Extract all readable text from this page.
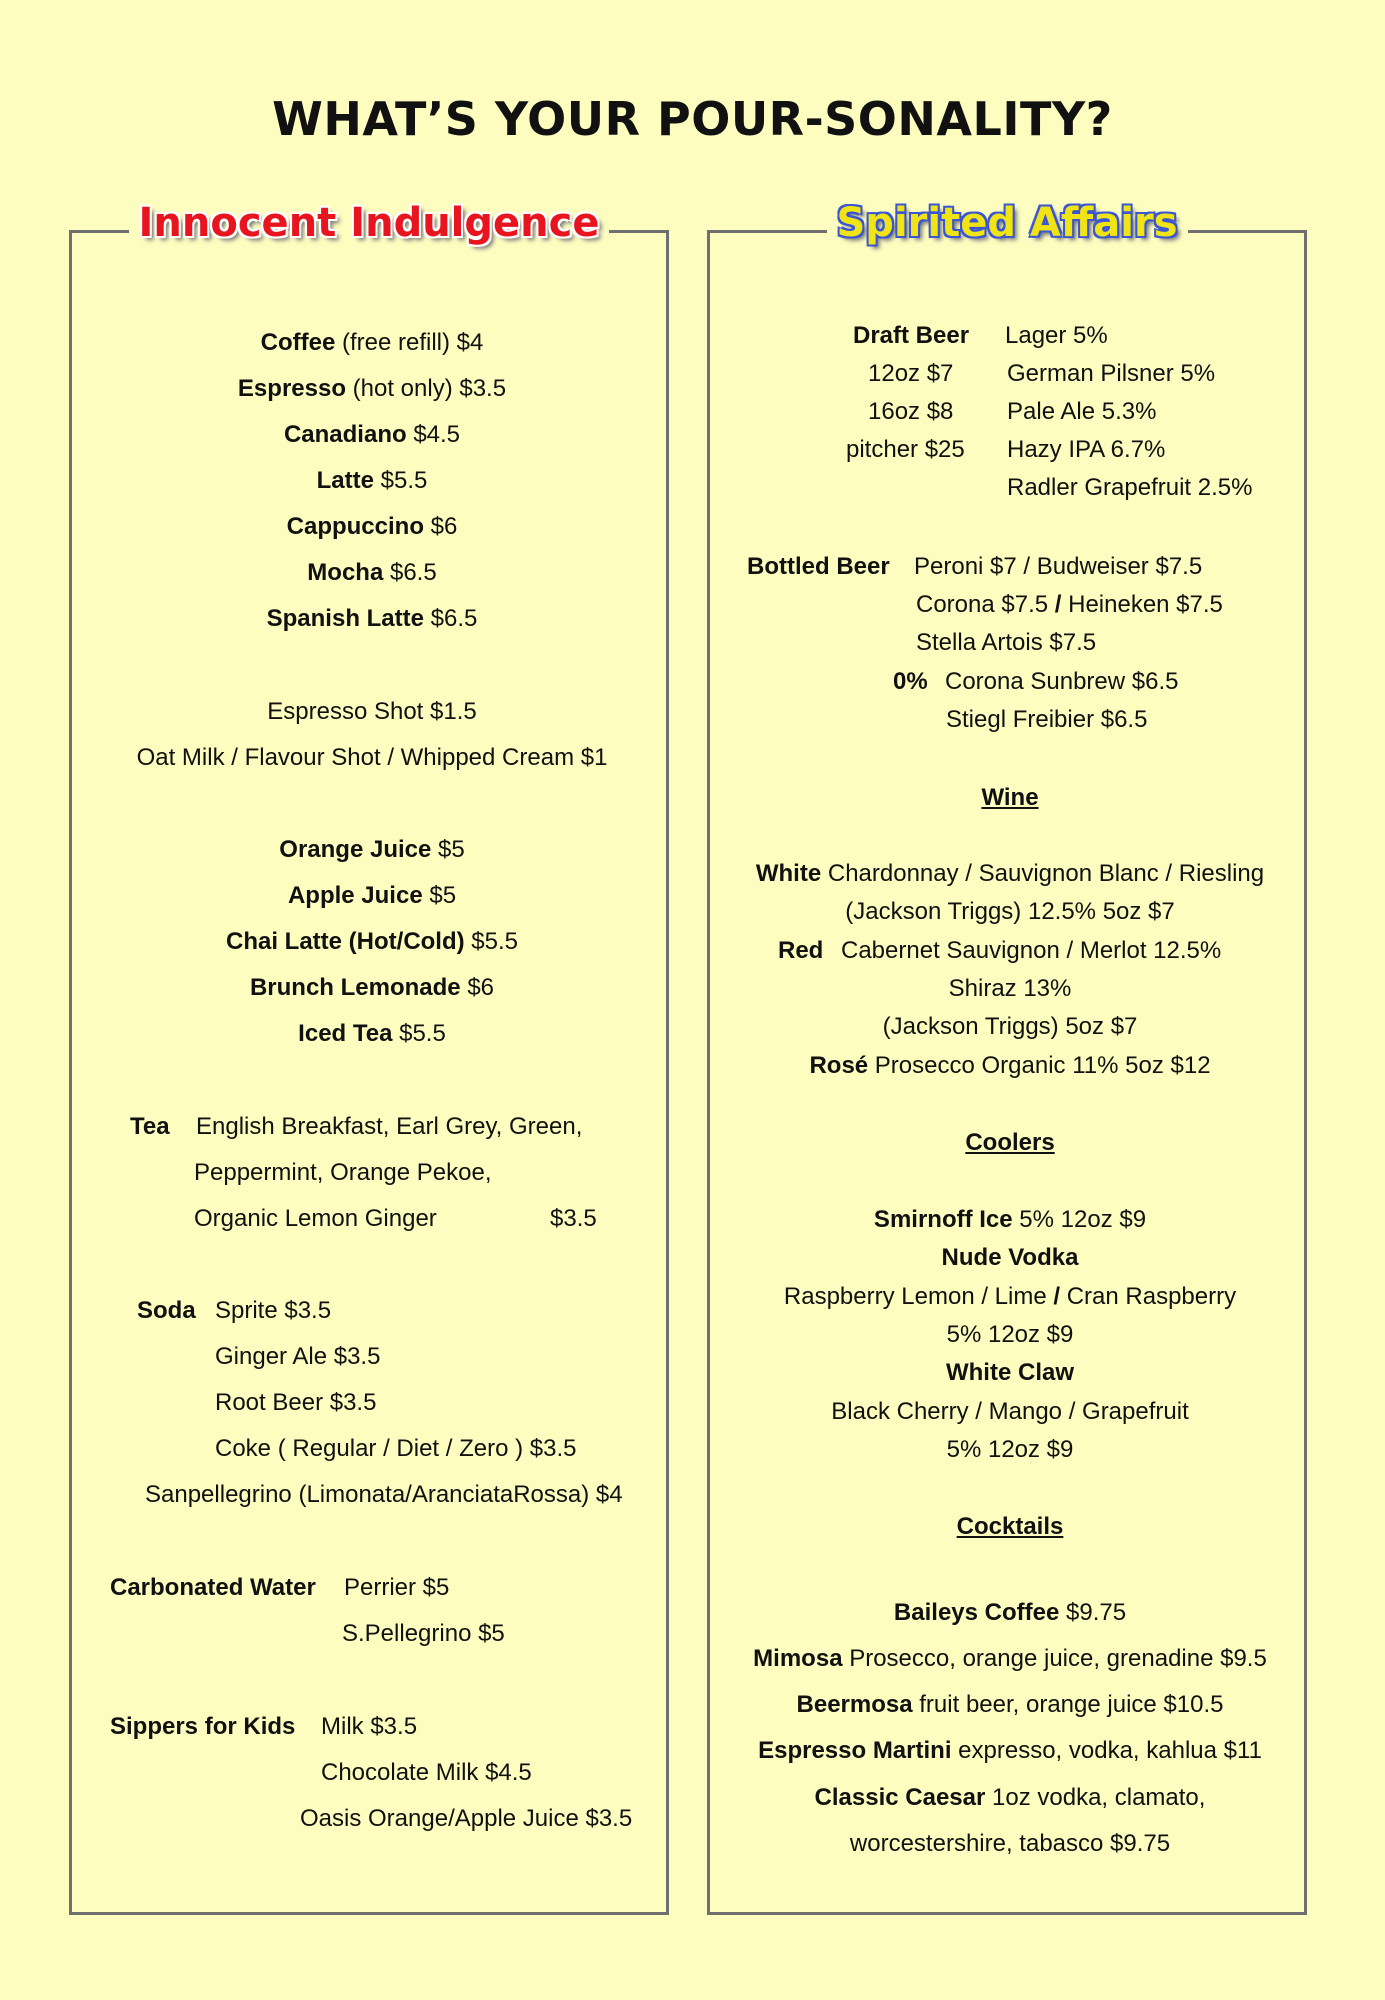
WHAT’S YOUR POUR-SONALITY?
Innocent Indulgence
Coffee (free refill) $4
Espresso (hot only) $3.5
Canadiano $4.5
Latte $5.5
Cappuccino $6
Mocha $6.5
Spanish Latte $6.5
Espresso Shot $1.5
Oat Milk / Flavour Shot / Whipped Cream $1
Orange Juice $5
Apple Juice $5
Chai Latte (Hot/Cold) $5.5
Brunch Lemonade $6
Iced Tea $5.5
Tea English Breakfast, Earl Grey, Green,
Peppermint, Orange Pekoe,
Organic Lemon Ginger	$3.5
Soda Sprite $3.5
Ginger Ale $3.5
Root Beer $3.5
Coke ( Regular / Diet / Zero ) $3.5
Sanpellegrino (Limonata/AranciataRossa) $4
Carbonated Water Perrier $5
S.Pellegrino $5
Sippers for Kids Milk $3.5
Chocolate Milk $4.5
Oasis Orange/Apple Juice $3.5
Spirited Affairs
Draft Beer
12oz $7
16oz $8
pitcher $25
Lager 5%
German Pilsner 5%
Pale Ale 5.3%
Hazy IPA 6.7%
Radler Grapefruit 2.5%
Bottled Beer Peroni $7 / Budweiser $7.5
Corona $7.5 / Heineken $7.5
Stella Artois $7.5
0% Corona Sunbrew $6.5
Stiegl Freibier $6.5
Wine
White Chardonnay / Sauvignon Blanc / Riesling
(Jackson Triggs) 12.5% 5oz $7
Red Cabernet Sauvignon / Merlot 12.5%
Shiraz 13%
(Jackson Triggs) 5oz $7
Rosé Prosecco Organic 11% 5oz $12
Coolers
Smirnoff Ice 5% 12oz $9
Nude Vodka
Raspberry Lemon / Lime / Cran Raspberry
5% 12oz $9
White Claw
Black Cherry / Mango / Grapefruit
5% 12oz $9
Cocktails
Baileys Coffee $9.75
Mimosa Prosecco, orange juice, grenadine $9.5
Beermosa fruit beer, orange juice $10.5
Espresso Martini expresso, vodka, kahlua $11
Classic Caesar 1oz vodka, clamato,
worcestershire, tabasco $9.75
